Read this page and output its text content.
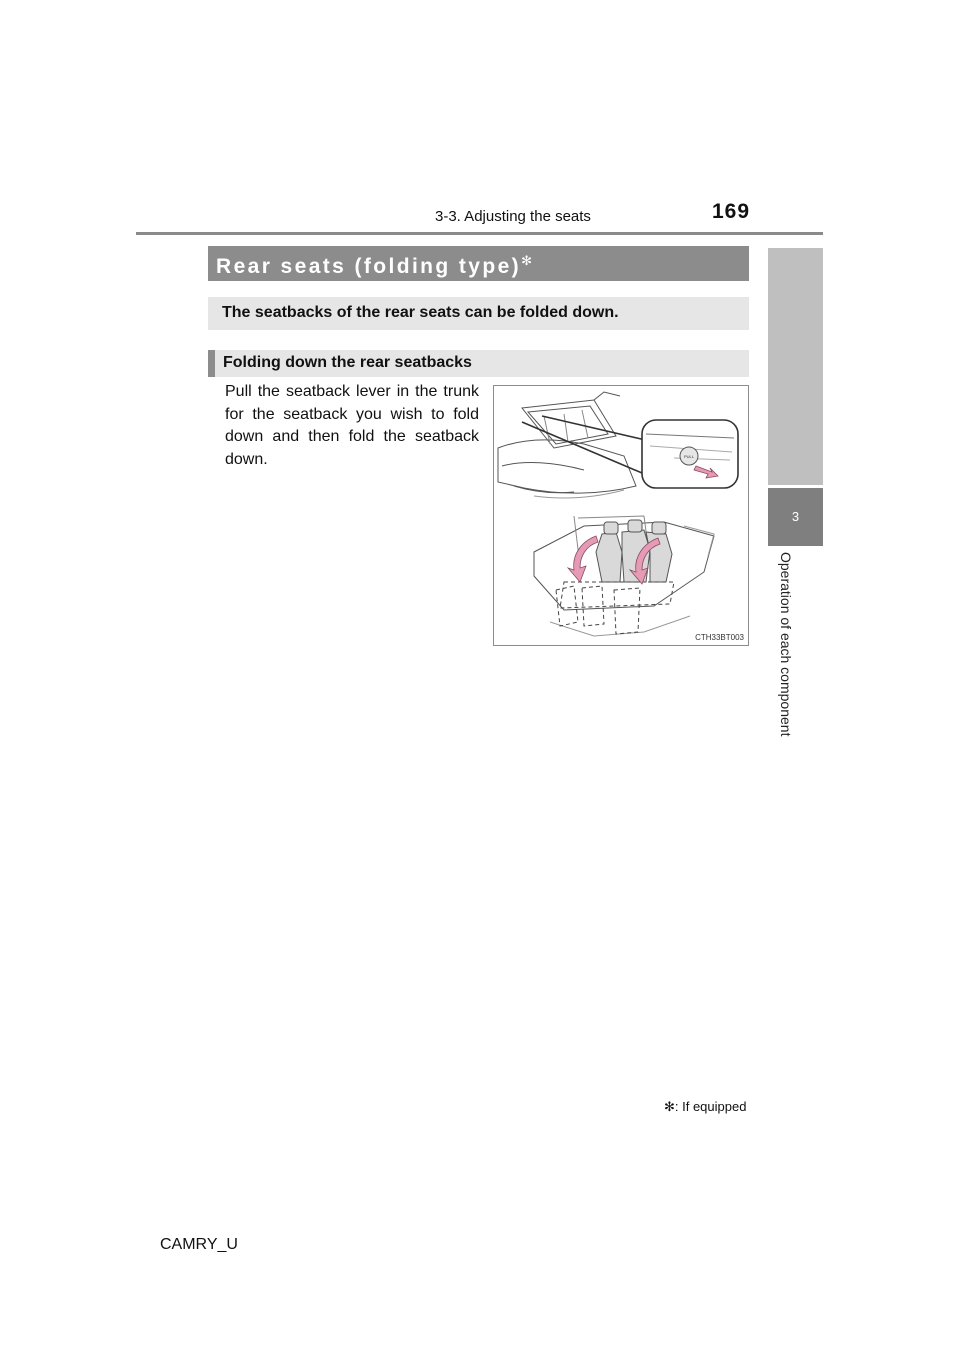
3-3. Adjusting the seats	169
3
Operation of each component
Rear seats (folding type)✻
The seatbacks of the rear seats can be folded down.
Folding down the rear seatbacks
Pull the seatback lever in the trunk for the seatback you wish to fold down and then fold the seatback down.	PULL
CTH33BT003
✻: If equipped
CAMRY_U
